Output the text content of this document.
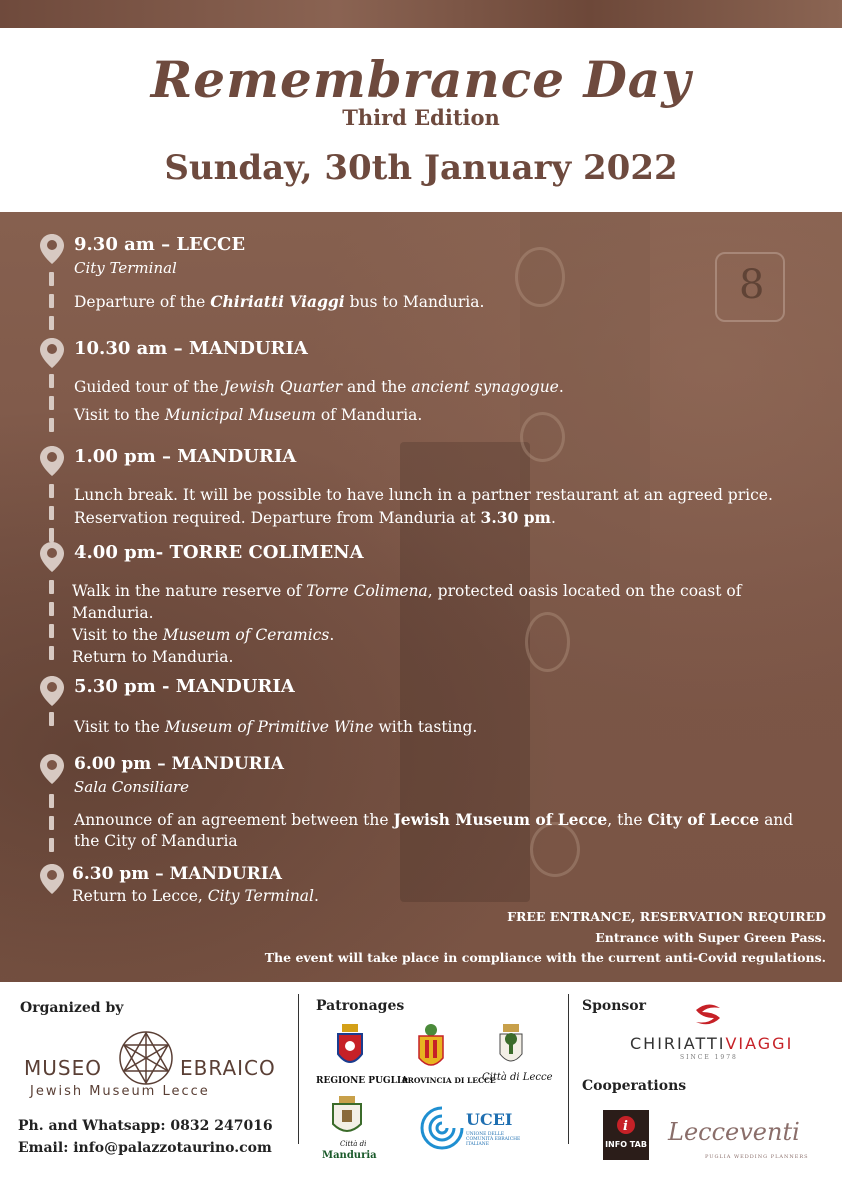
Remembrance Day
Third Edition
Sunday, 30th January 2022
8
9.30 am – LECCE
City Terminal
Departure of the Chiriatti Viaggi bus to Manduria.
10.30 am – MANDURIA
Guided tour of the Jewish Quarter and the ancient synagogue.
Visit to the Municipal Museum of Manduria.
1.00 pm – MANDURIA
Lunch break. It will be possible to have lunch in a partner restaurant at an agreed price.
Reservation required. Departure from Manduria at 3.30 pm.
4.00 pm- TORRE COLIMENA
Walk in the nature reserve of Torre Colimena, protected oasis located on the coast of
Manduria.
Visit to the Museum of Ceramics.
Return to Manduria.
5.30 pm - MANDURIA
Visit to the Museum of Primitive Wine with tasting.
6.00 pm – MANDURIA
Sala Consiliare
Announce of an agreement between the Jewish Museum of Lecce, the City of Lecce and
the City of Manduria
6.30 pm – MANDURIA
Return to Lecce, City Terminal.
FREE ENTRANCE, RESERVATION REQUIRED
Entrance with Super Green Pass.
The event will take place in compliance with the current anti-Covid regulations.
Organized by
MUSEO	EBRAICO
Jewish Museum Lecce
Ph. and Whatsapp: 0832 247016
Email: info@palazzotaurino.com
Patronages
REGIONE PUGLIA
PROVINCIA DI LECCE
Città di Lecce
Città di
Manduria
UCEI
UNIONE DELLE COMUNITÀ EBRAICHE ITALIANE
Sponsor
CHIRIATTIVIAGGI
SINCE 1978
Cooperations
i
INFO TAB Lecceventi
PUGLIA WEDDING PLANNERS
